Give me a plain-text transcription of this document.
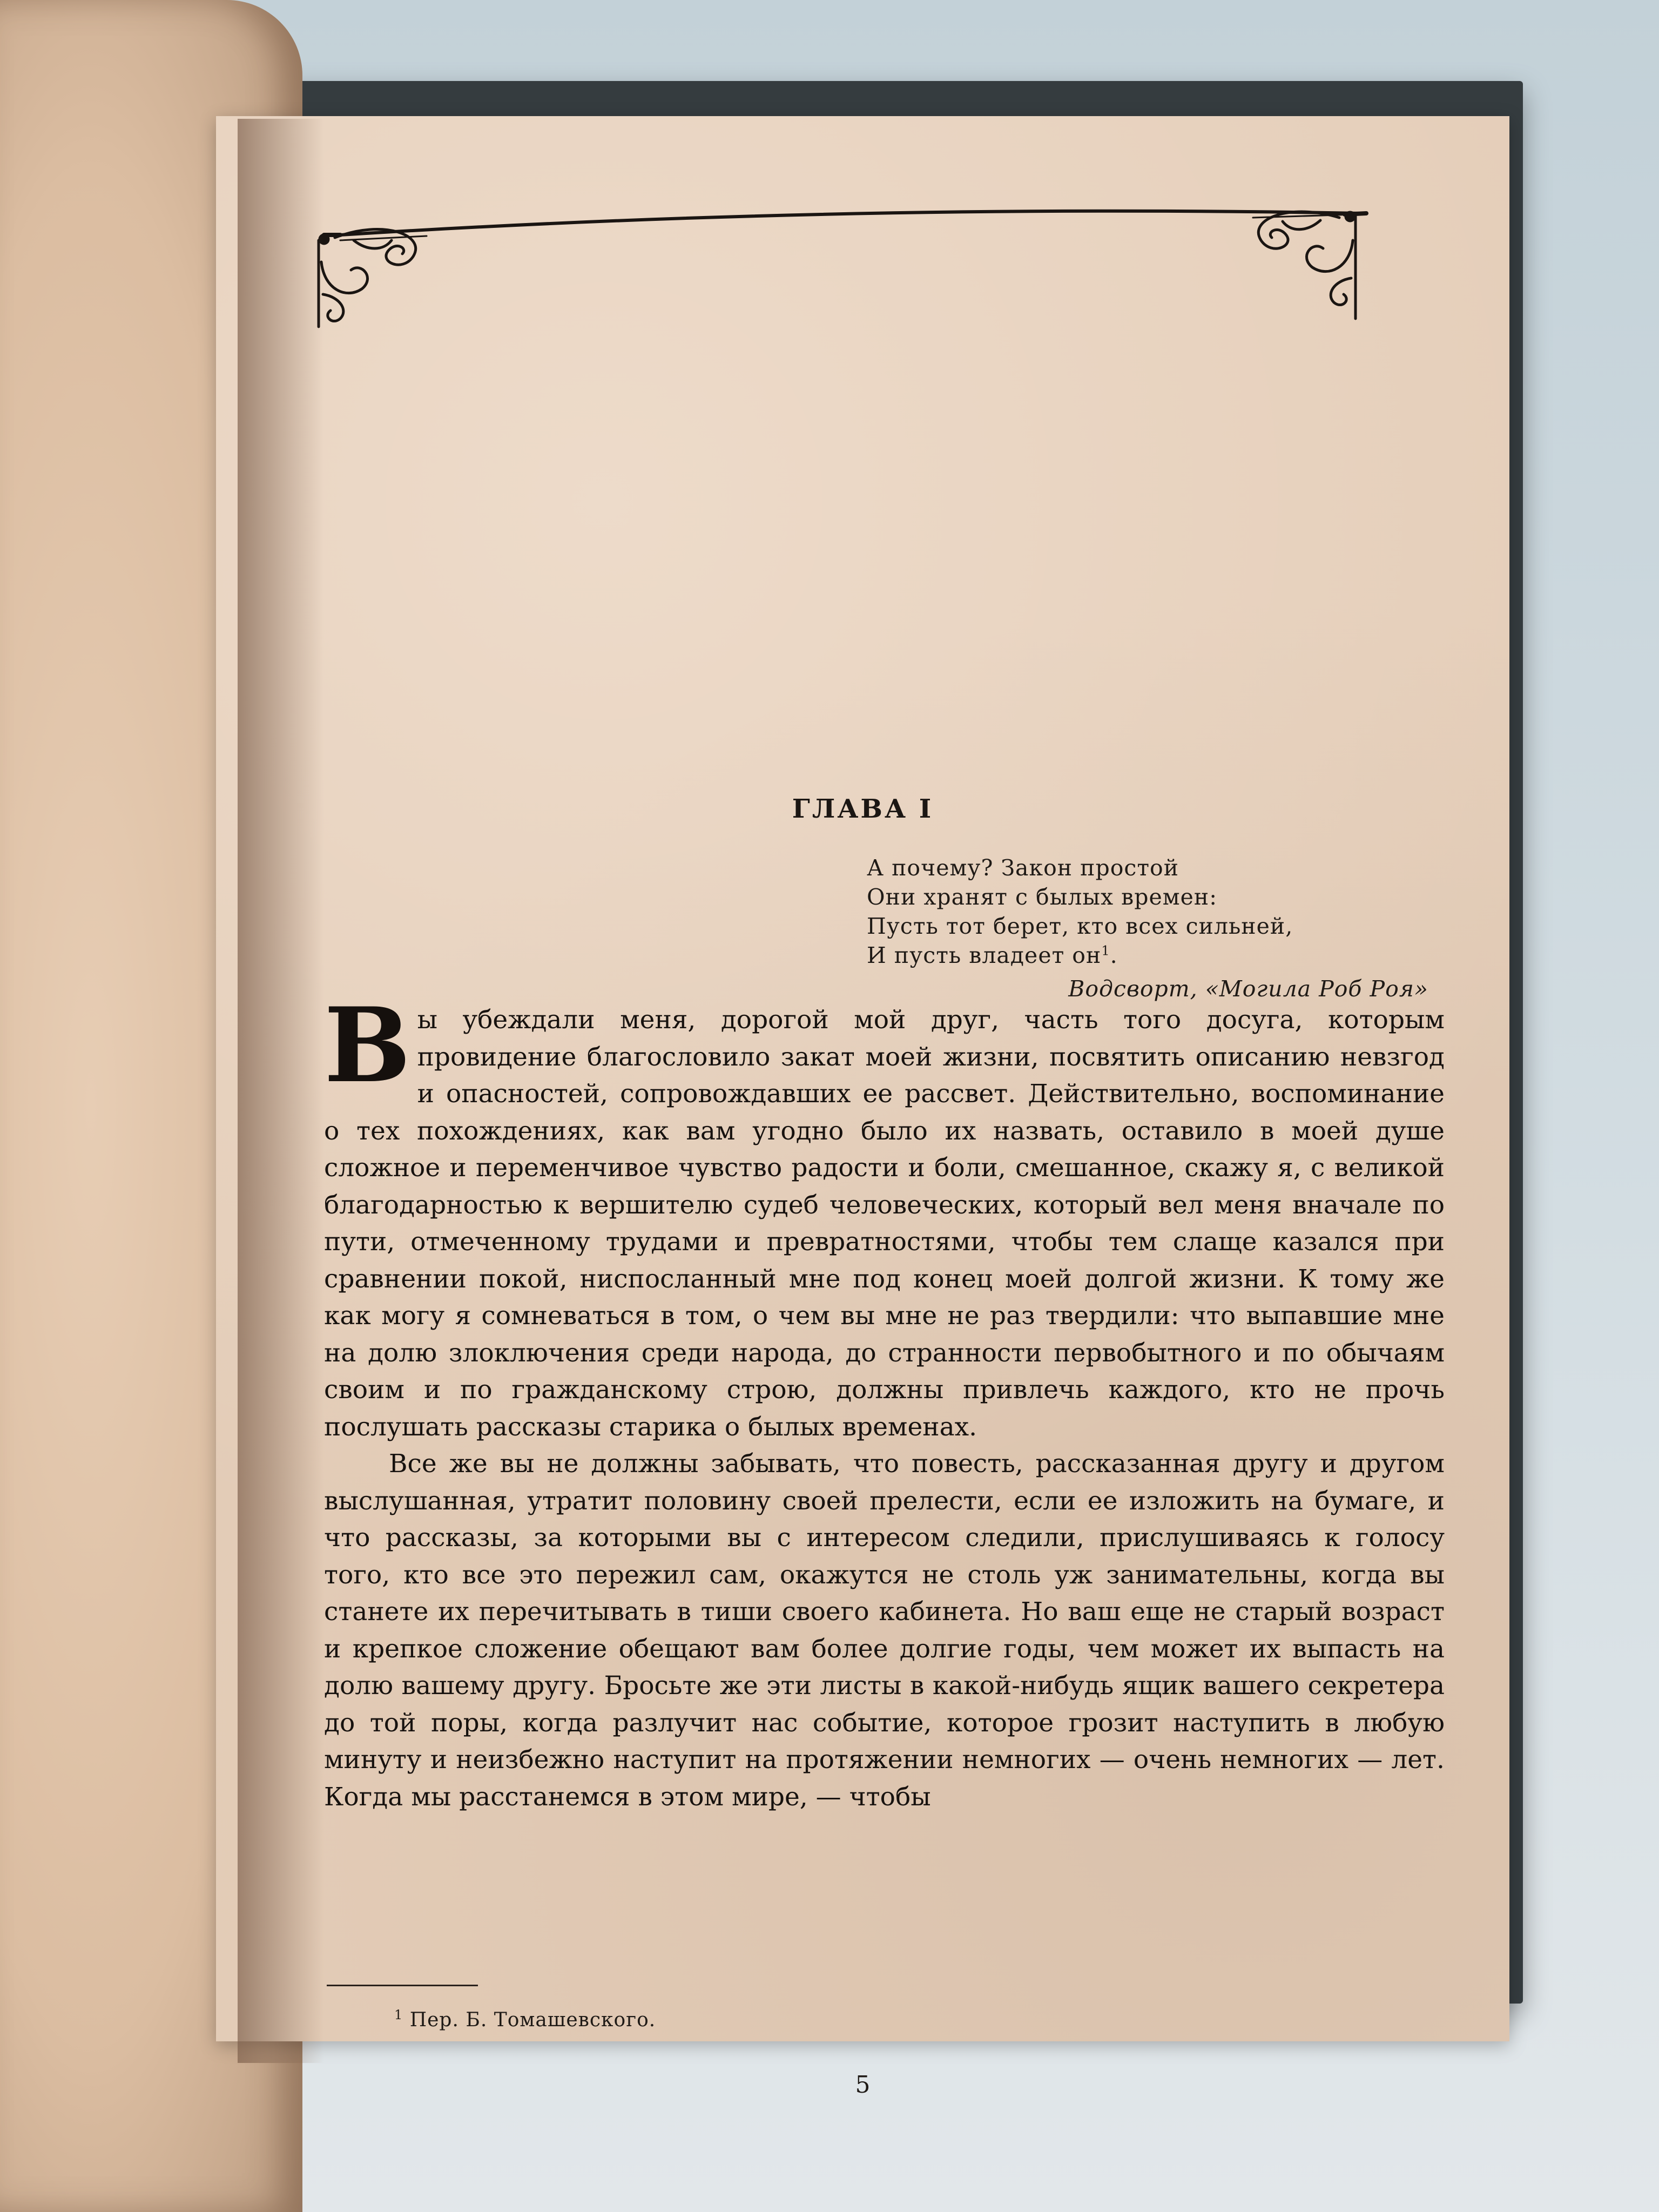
ГЛАВА I
А почему? Закон простой
Они хранят с былых времен:
Пусть тот берет, кто всех сильней,
И пусть владеет $он^1$.
Водсворт, «Могила Роб Роя»

Вы убеждали меня, дорогой мой друг, часть того досуга, которым провидение благословило закат моей жизни, посвятить описанию невзгод и опасностей, сопровождавших ее рассвет. Действительно, воспоминание о тех похождениях, как вам угодно было их назвать, оставило в моей душе сложное и переменчивое чувство радости и боли, смешанное, скажу я, с великой благодарностью к вершителю судеб человеческих, который вел меня вначале по пути, отмеченному трудами и превратностями, чтобы тем слаще казался при сравнении покой, ниспосланный мне под конец моей долгой жизни. К тому же как могу я сомневаться в том, о чем вы мне не раз твердили: что выпавшие мне на долю злоключения среди народа, до странности первобытного и по обычаям своим и по гражданскому строю, должны привлечь каждого, кто не прочь послушать рассказы старика о былых временах.

Все же вы не должны забывать, что повесть, рассказанная другу и другом выслушанная, утратит половину своей прелести, если ее изложить на бумаге, и что рассказы, за которыми вы с интересом следили, прислушиваясь к голосу того, кто все это пережил сам, окажутся не столь уж занимательны, когда вы станете их перечитывать в тиши своего кабинета. Но ваш еще не старый возраст и крепкое сложение обещают вам более долгие годы, чем может их выпасть на долю вашему другу. Бросьте же эти листы в какой-нибудь ящик вашего секретера до той поры, когда разлучит нас событие, которое грозит наступить в любую минуту и неизбежно наступит на протяжении немногих — очень немногих — лет. Когда мы расстанемся в этом мире, — чтобы

$^1$ Пер. Б. Томашевского.
5
